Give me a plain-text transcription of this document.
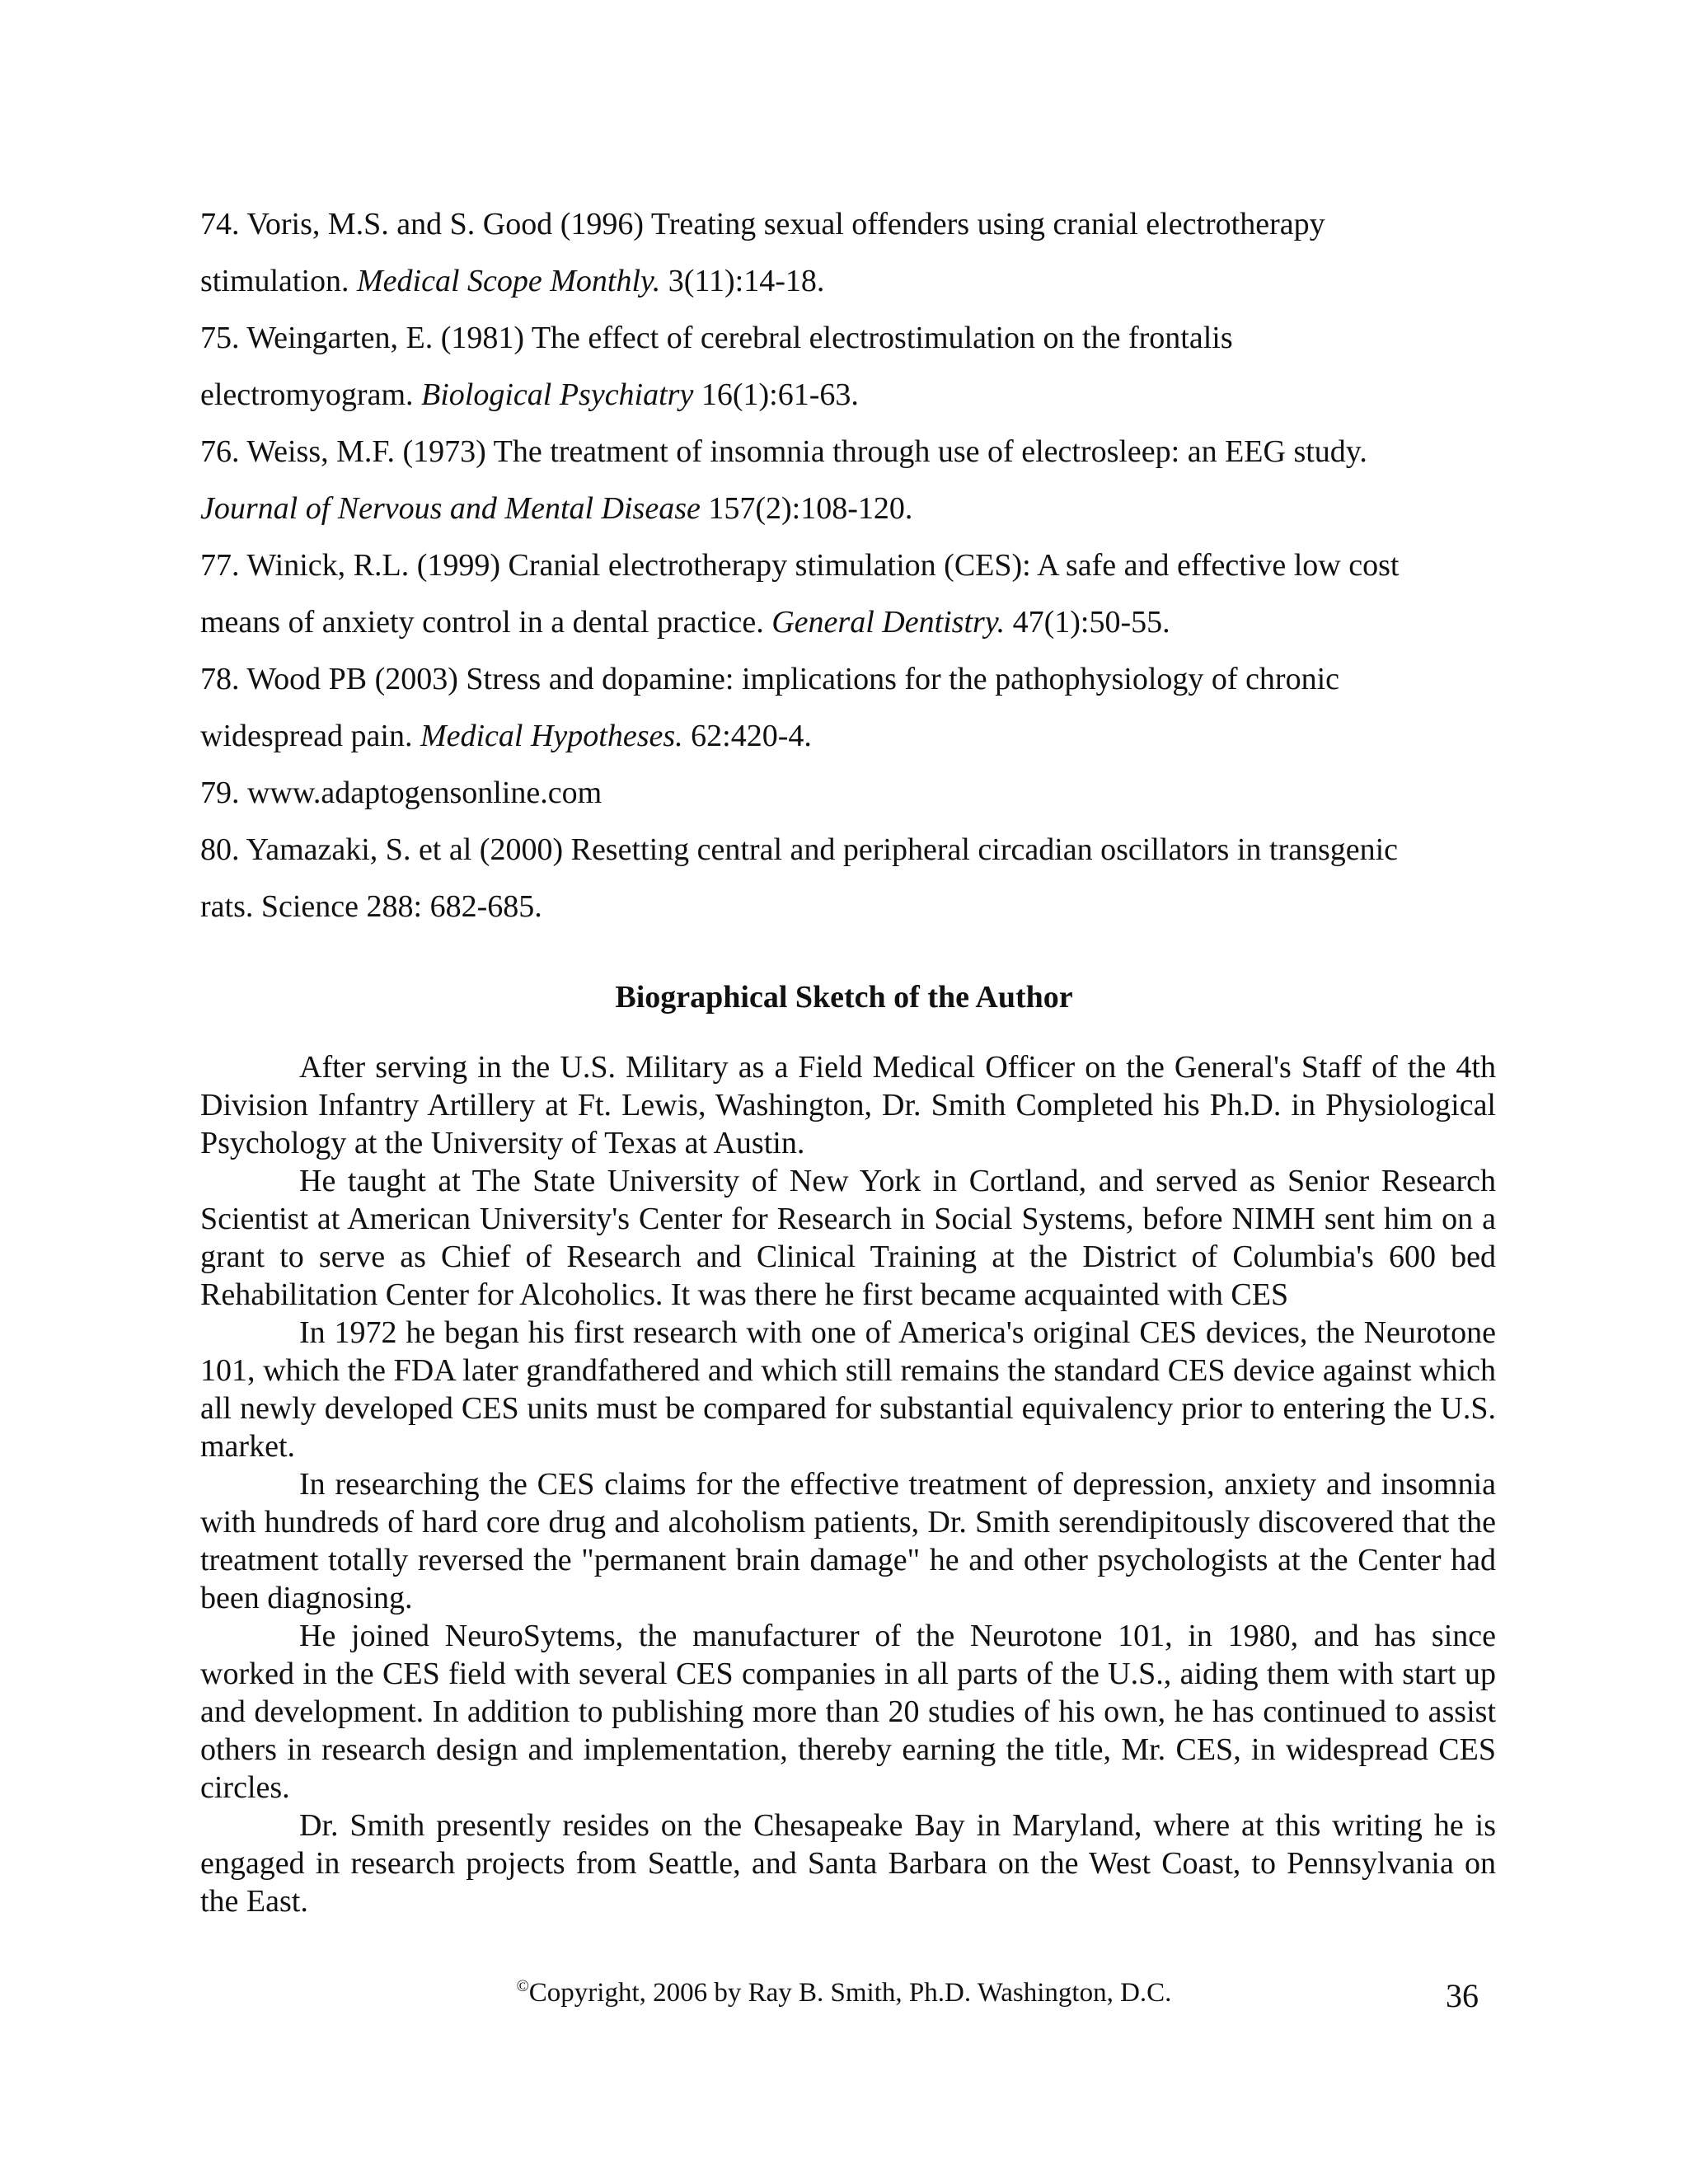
74. Voris, M.S. and S. Good (1996) Treating sexual offenders using cranial electrotherapy
stimulation. Medical Scope Monthly. 3(11):14-18.
75. Weingarten, E. (1981) The effect of cerebral electrostimulation on the frontalis
electromyogram. Biological Psychiatry 16(1):61-63.
76. Weiss, M.F. (1973) The treatment of insomnia through use of electrosleep: an EEG study.
Journal of Nervous and Mental Disease 157(2):108-120.
77. Winick, R.L. (1999) Cranial electrotherapy stimulation (CES): A safe and effective low cost
means of anxiety control in a dental practice. General Dentistry. 47(1):50-55.
78. Wood PB (2003) Stress and dopamine: implications for the pathophysiology of chronic
widespread pain. Medical Hypotheses. 62:420-4.
79. www.adaptogensonline.com
80. Yamazaki, S. et al (2000) Resetting central and peripheral circadian oscillators in transgenic
rats. Science 288: 682-685.
Biographical Sketch of the Author

After serving in the U.S. Military as a Field Medical Officer on the General's Staff of the 4th Division Infantry Artillery at Ft. Lewis, Washington, Dr. Smith Completed his Ph.D. in Physiological Psychology at the University of Texas at Austin.

He taught at The State University of New York in Cortland, and served as Senior Research Scientist at American University's Center for Research in Social Systems, before NIMH sent him on a grant to serve as Chief of Research and Clinical Training at the District of Columbia's 600 bed Rehabilitation Center for Alcoholics. It was there he first became acquainted with CES

In 1972 he began his first research with one of America's original CES devices, the Neurotone 101, which the FDA later grandfathered and which still remains the standard CES device against which all newly developed CES units must be compared for substantial equivalency prior to entering the U.S. market.

In researching the CES claims for the effective treatment of depression, anxiety and insomnia with hundreds of hard core drug and alcoholism patients, Dr. Smith serendipitously discovered that the treatment totally reversed the "permanent brain damage" he and other psychologists at the Center had been diagnosing.

He joined NeuroSytems, the manufacturer of the Neurotone 101, in 1980, and has since worked in the CES field with several CES companies in all parts of the U.S., aiding them with start up and development. In addition to publishing more than 20 studies of his own, he has continued to assist others in research design and implementation, thereby earning the title, Mr. CES, in widespread CES circles.

Dr. Smith presently resides on the Chesapeake Bay in Maryland, where at this writing he is engaged in research projects from Seattle, and Santa Barbara on the West Coast, to Pennsylvania on the East.

©Copyright, 2006 by Ray B. Smith, Ph.D. Washington, D.C.	36
